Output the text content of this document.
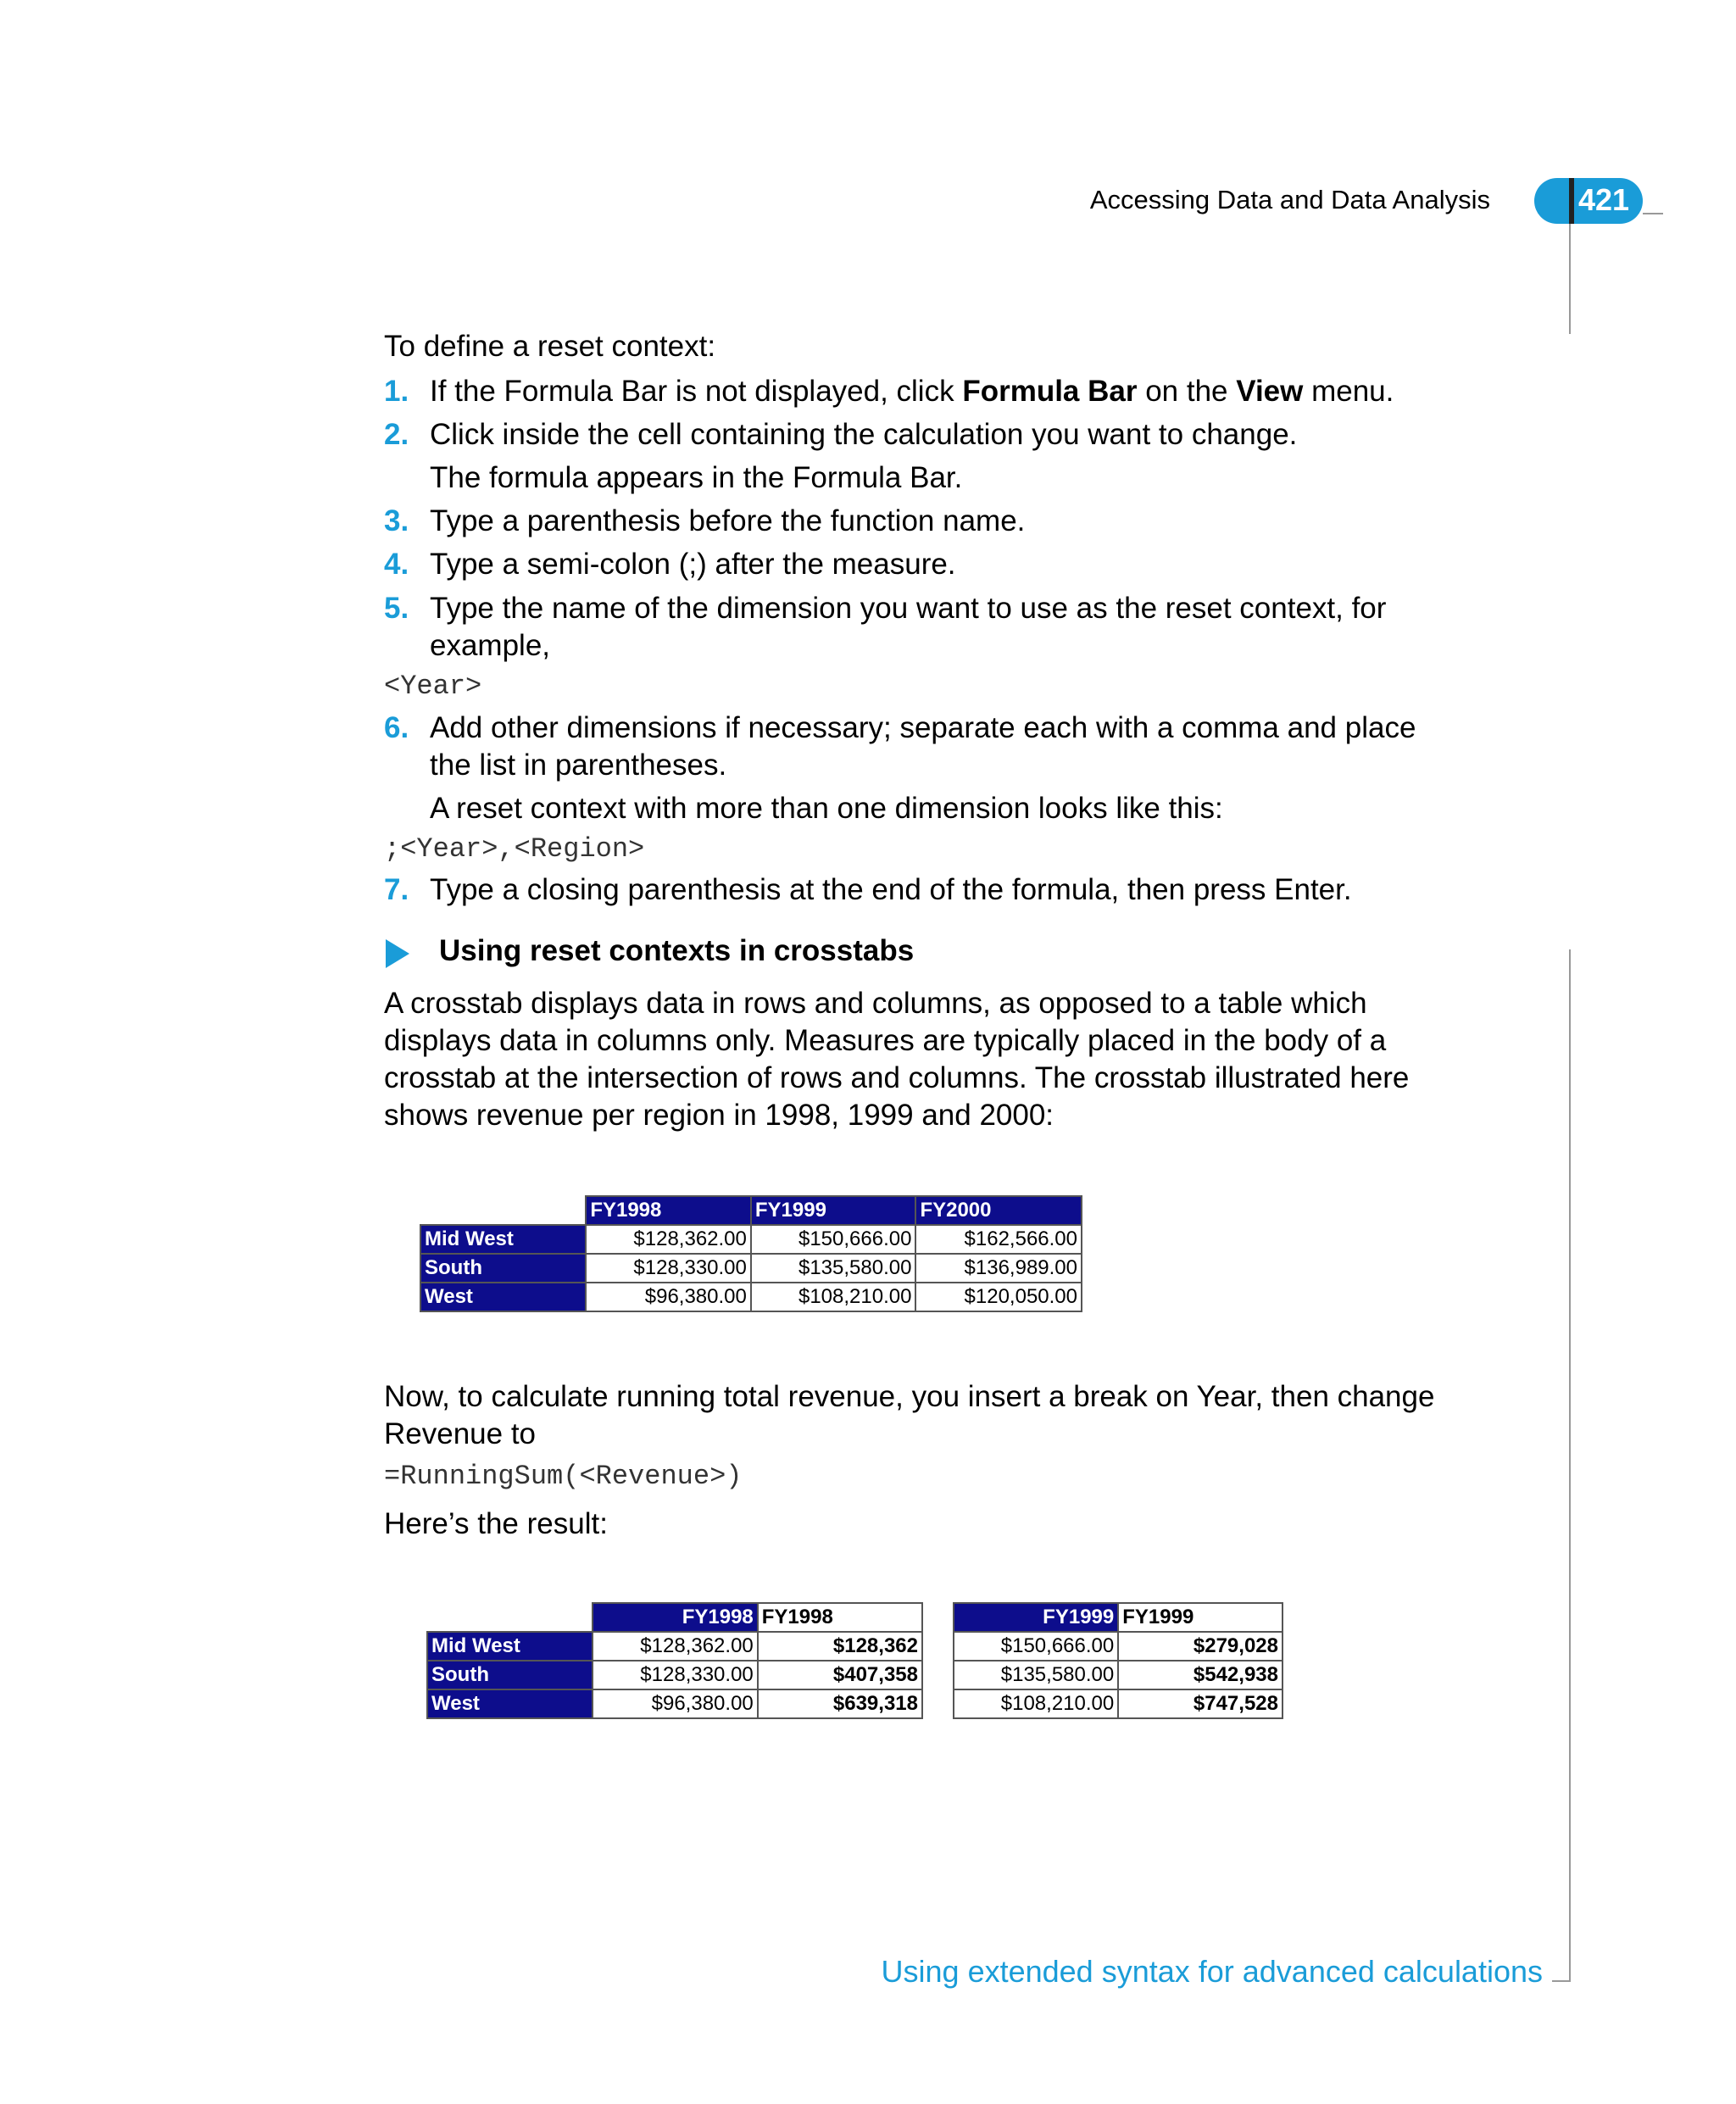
Accessing Data and Data Analysis	421
To define a reset context:
1. If the Formula Bar is not displayed, click Formula Bar on the View menu.
2. Click inside the cell containing the calculation you want to change.
The formula appears in the Formula Bar.
3. Type a parenthesis before the function name.
4. Type a semi-colon (;) after the measure.
5. Type the name of the dimension you want to use as the reset context, for
example,
<Year>
6. Add other dimensions if necessary; separate each with a comma and place
the list in parentheses.
A reset context with more than one dimension looks like this:
;<Year>,<Region>
7. Type a closing parenthesis at the end of the formula, then press Enter.
Using reset contexts in crosstabs
A crosstab displays data in rows and columns, as opposed to a table which
displays data in columns only. Measures are typically placed in the body of a
crosstab at the intersection of rows and columns. The crosstab illustrated here
shows revenue per region in 1998, 1999 and 2000:
	FY1998	FY1999	FY2000
Mid West	$128,362.00	$150,666.00	$162,566.00
South	$128,330.00	$135,580.00	$136,989.00
West	$96,380.00	$108,210.00	$120,050.00
Now, to calculate running total revenue, you insert a break on Year, then change
Revenue to
=RunningSum(<Revenue>)
Here’s the result:
	FY1998	FY1998
Mid West	$128,362.00	$128,362
South	$128,330.00	$407,358
West	$96,380.00	$639,318
FY1999	FY1999
$150,666.00	$279,028
$135,580.00	$542,938
$108,210.00	$747,528
Using extended syntax for advanced calculations
